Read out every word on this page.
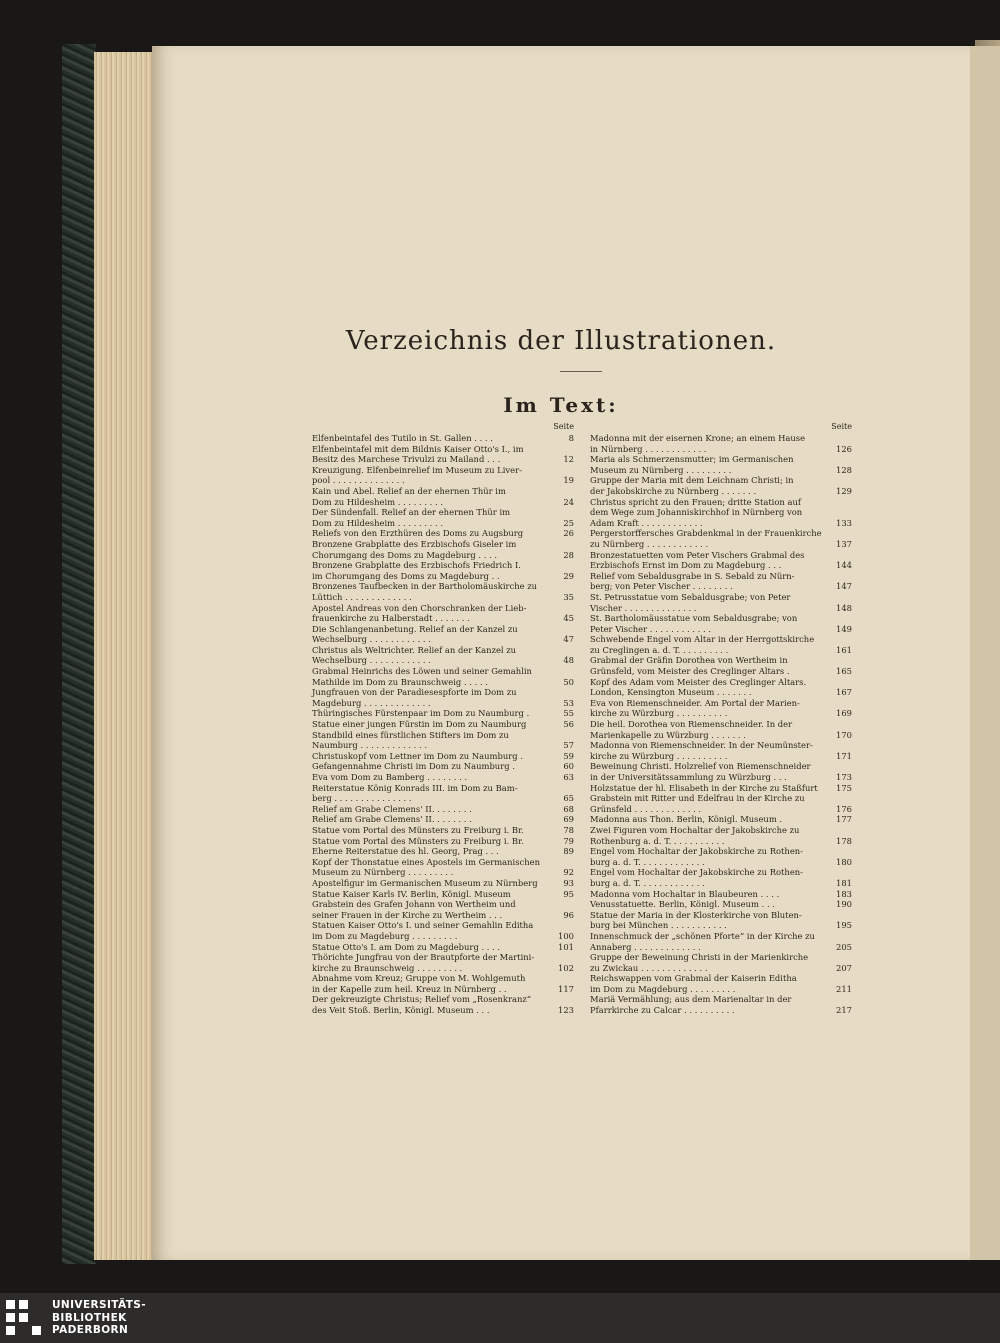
Verzeichnis der Illustrationen.
Im Text:
Seite
Elfenbeintafel des Tutilo in St. Gallen . . . .	8
Elfenbeintafel mit dem Bildnis Kaiser Otto's I., im
Besitz des Marchese Trivulzi zu Mailand . . .	12
Kreuzigung. Elfenbeinrelief im Museum zu Liver-
pool . . . . . . . . . . . . . .	19
Kain und Abel. Relief an der ehernen Thür im
Dom zu Hildesheim . . . . . . . . .	24
Der Sündenfall. Relief an der ehernen Thür im
Dom zu Hildesheim . . . . . . . . .	25
Reliefs von den Erzthüren des Doms zu Augsburg	26
Bronzene Grabplatte des Erzbischofs Giseler im
Chorumgang des Doms zu Magdeburg . . . .	28
Bronzene Grabplatte des Erzbischofs Friedrich I.
im Chorumgang des Doms zu Magdeburg . .	29
Bronzenes Taufbecken in der Bartholomäuskirche zu
Lüttich . . . . . . . . . . . . .	35
Apostel Andreas von den Chorschranken der Lieb-
frauenkirche zu Halberstadt . . . . . . .	45
Die Schlangenanbetung. Relief an der Kanzel zu
Wechselburg . . . . . . . . . . . .	47
Christus als Weltrichter. Relief an der Kanzel zu
Wechselburg . . . . . . . . . . . .	48
Grabmal Heinrichs des Löwen und seiner Gemahlin
Mathilde im Dom zu Braunschweig . . . . .	50
Jungfrauen von der Paradiesespforte im Dom zu
Magdeburg . . . . . . . . . . . . .	53
Thüringisches Fürstenpaar im Dom zu Naumburg .	55
Statue einer jungen Fürstin im Dom zu Naumburg	56
Standbild eines fürstlichen Stifters im Dom zu
Naumburg . . . . . . . . . . . . .	57
Christuskopf vom Lettner im Dom zu Naumburg .	59
Gefangennahme Christi im Dom zu Naumburg .	60
Eva vom Dom zu Bamberg . . . . . . . .	63
Reiterstatue König Konrads III. im Dom zu Bam-
berg . . . . . . . . . . . . . . .	65
Relief am Grabe Clemens' II. . . . . . . .	68
Relief am Grabe Clemens' II. . . . . . . .	69
Statue vom Portal des Münsters zu Freiburg i. Br.	78
Statue vom Portal des Münsters zu Freiburg i. Br.	79
Eherne Reiterstatue des hl. Georg, Prag . . .	89
Kopf der Thonstatue eines Apostels im Germanischen
Museum zu Nürnberg . . . . . . . . .	92
Apostelfigur im Germanischen Museum zu Nürnberg	93
Statue Kaiser Karls IV. Berlin, Königl. Museum	95
Grabstein des Grafen Johann von Wertheim und
seiner Frauen in der Kirche zu Wertheim . . .	96
Statuen Kaiser Otto's I. und seiner Gemahlin Editha
im Dom zu Magdeburg . . . . . . . . .	100
Statue Otto's I. am Dom zu Magdeburg . . . .	101
Thörichte Jungfrau von der Brautpforte der Martini-
kirche zu Braunschweig . . . . . . . . .	102
Abnahme vom Kreuz; Gruppe von M. Wohlgemuth
in der Kapelle zum heil. Kreuz in Nürnberg . .	117
Der gekreuzigte Christus; Relief vom „Rosenkranz“
des Veit Stoß. Berlin, Königl. Museum . . .	123
Seite
Madonna mit der eisernen Krone; an einem Hause
in Nürnberg . . . . . . . . . . . .	126
Maria als Schmerzensmutter; im Germanischen
Museum zu Nürnberg . . . . . . . . .	128
Gruppe der Maria mit dem Leichnam Christi; in
der Jakobskirche zu Nürnberg . . . . . . .	129
Christus spricht zu den Frauen; dritte Station auf
dem Wege zum Johanniskirchhof in Nürnberg von
Adam Kraft . . . . . . . . . . . .	133
Pergerstorffersches Grabdenkmal in der Frauenkirche
zu Nürnberg . . . . . . . . . . . .	137
Bronzestatuetten vom Peter Vischers Grabmal des
Erzbischofs Ernst im Dom zu Magdeburg . . .	144
Relief vom Sebaldusgrabe in S. Sebald zu Nürn-
berg; von Peter Vischer . . . . . . . .	147
St. Petrusstatue vom Sebaldusgrabe; von Peter
Vischer . . . . . . . . . . . . . .	148
St. Bartholomäusstatue vom Sebaldusgrabe; von
Peter Vischer . . . . . . . . . . . .	149
Schwebende Engel vom Altar in der Herrgottskirche
zu Creglingen a. d. T. . . . . . . . . .	161
Grabmal der Gräfin Dorothea von Wertheim in
Grünsfeld, vom Meister des Creglinger Altars .	165
Kopf des Adam vom Meister des Creglinger Altars.
London, Kensington Museum . . . . . . .	167
Eva von Riemenschneider. Am Portal der Marien-
kirche zu Würzburg . . . . . . . . . .	169
Die heil. Dorothea von Riemenschneider. In der
Marienkapelle zu Würzburg . . . . . . .	170
Madonna von Riemenschneider. In der Neumünster-
kirche zu Würzburg . . . . . . . . . .	171
Beweinung Christi. Holzrelief von Riemenschneider
in der Universitätssammlung zu Würzburg . . .	173
Holzstatue der hl. Elisabeth in der Kirche zu Staßfurt	175
Grabstein mit Ritter und Edelfrau in der Kirche zu
Grünsfeld . . . . . . . . . . . . .	176
Madonna aus Thon. Berlin, Königl. Museum .	177
Zwei Figuren vom Hochaltar der Jakobskirche zu
Rothenburg a. d. T. . . . . . . . . . .	178
Engel vom Hochaltar der Jakobskirche zu Rothen-
burg a. d. T. . . . . . . . . . . . .	180
Engel vom Hochaltar der Jakobskirche zu Rothen-
burg a. d. T. . . . . . . . . . . . .	181
Madonna vom Hochaltar in Blaubeuren . . . .	183
Venusstatuette. Berlin, Königl. Museum . . .	190
Statue der Maria in der Klosterkirche von Bluten-
burg bei München . . . . . . . . . . .	195
Innenschmuck der „schönen Pforte“ in der Kirche zu
Annaberg . . . . . . . . . . . . .	205
Gruppe der Beweinung Christi in der Marienkirche
zu Zwickau . . . . . . . . . . . . .	207
Reichswappen vom Grabmal der Kaiserin Editha
im Dom zu Magdeburg . . . . . . . . .	211
Mariä Vermählung; aus dem Marienaltar in der
Pfarrkirche zu Calcar . . . . . . . . . .	217
UNIVERSITÄTS-
BIBLIOTHEK
PADERBORN
